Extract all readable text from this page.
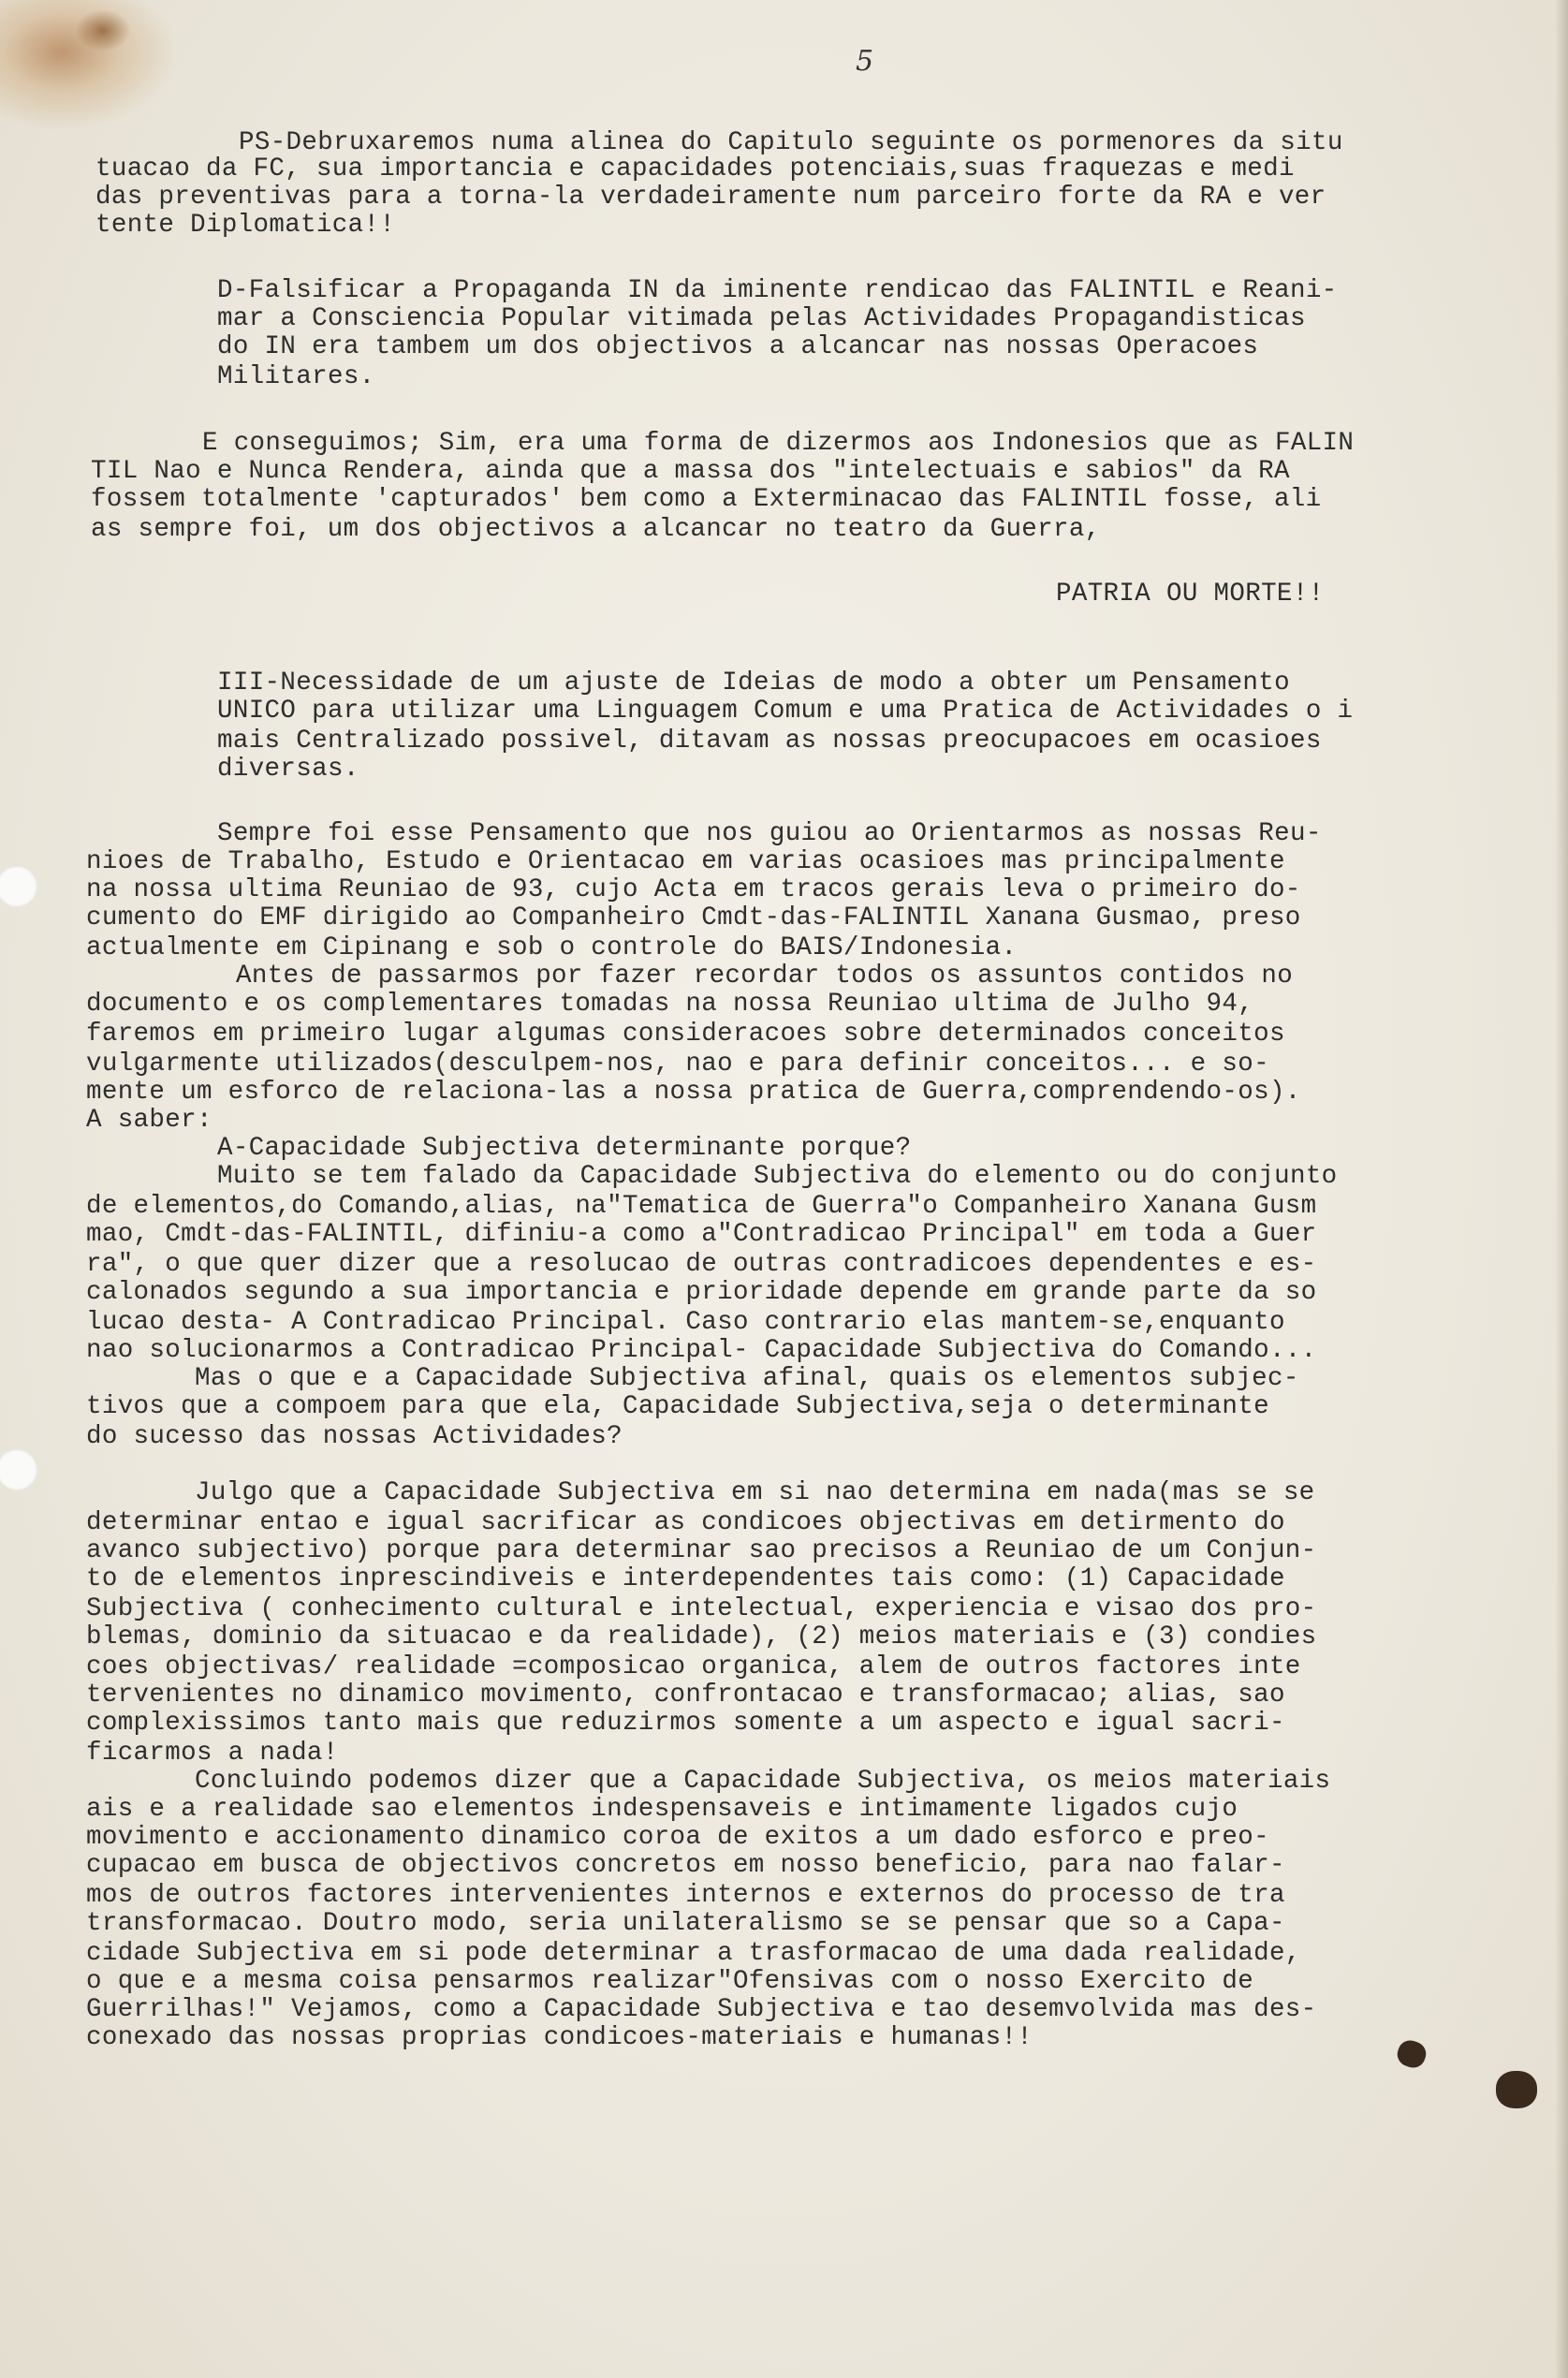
5
PS-Debruxaremos numa alinea do Capitulo seguinte os pormenores da situ
tuacao da FC, sua importancia e capacidades potenciais,suas fraquezas e medi
das preventivas para a torna-la verdadeiramente num parceiro forte da RA e ver
tente Diplomatica!!
D-Falsificar a Propaganda IN da iminente rendicao das FALINTIL e Reani-
mar a Consciencia Popular vitimada pelas Actividades Propagandisticas
do IN era tambem um dos objectivos a alcancar nas nossas Operacoes
Militares.
E conseguimos; Sim, era uma forma de dizermos aos Indonesios que as FALIN
TIL Nao e Nunca Rendera, ainda que a massa dos "intelectuais e sabios" da RA
fossem totalmente 'capturados' bem como a Exterminacao das FALINTIL fosse, ali
as sempre foi, um dos objectivos a alcancar no teatro da Guerra,
PATRIA OU MORTE!!
III-Necessidade de um ajuste de Ideias de modo a obter um Pensamento
UNICO para utilizar uma Linguagem Comum e uma Pratica de Actividades o i
mais Centralizado possivel, ditavam as nossas preocupacoes em ocasioes
diversas.
Sempre foi esse Pensamento que nos guiou ao Orientarmos as nossas Reu-
nioes de Trabalho, Estudo e Orientacao em varias ocasioes mas principalmente
na nossa ultima Reuniao de 93, cujo Acta em tracos gerais leva o primeiro do-
cumento do EMF dirigido ao Companheiro Cmdt-das-FALINTIL Xanana Gusmao, preso
actualmente em Cipinang e sob o controle do BAIS/Indonesia.
Antes de passarmos por fazer recordar todos os assuntos contidos no
documento e os complementares tomadas na nossa Reuniao ultima de Julho 94,
faremos em primeiro lugar algumas consideracoes sobre determinados conceitos
vulgarmente utilizados(desculpem-nos, nao e para definir conceitos... e so-
mente um esforco de relaciona-las a nossa pratica de Guerra,comprendendo-os).
A saber:
A-Capacidade Subjectiva determinante porque?
Muito se tem falado da Capacidade Subjectiva do elemento ou do conjunto
de elementos,do Comando,alias, na"Tematica de Guerra"o Companheiro Xanana Gusm
mao, Cmdt-das-FALINTIL, difiniu-a como a"Contradicao Principal" em toda a Guer
ra", o que quer dizer que a resolucao de outras contradicoes dependentes e es-
calonados segundo a sua importancia e prioridade depende em grande parte da so
lucao desta- A Contradicao Principal. Caso contrario elas mantem-se,enquanto
nao solucionarmos a Contradicao Principal- Capacidade Subjectiva do Comando...
Mas o que e a Capacidade Subjectiva afinal, quais os elementos subjec-
tivos que a compoem para que ela, Capacidade Subjectiva,seja o determinante
do sucesso das nossas Actividades?
Julgo que a Capacidade Subjectiva em si nao determina em nada(mas se se
determinar entao e igual sacrificar as condicoes objectivas em detirmento do
avanco subjectivo) porque para determinar sao precisos a Reuniao de um Conjun-
to de elementos inprescindiveis e interdependentes tais como: (1) Capacidade
Subjectiva ( conhecimento cultural e intelectual, experiencia e visao dos pro-
blemas, dominio da situacao e da realidade), (2) meios materiais e (3) condies
coes objectivas/ realidade =composicao organica, alem de outros factores inte
tervenientes no dinamico movimento, confrontacao e transformacao; alias, sao
complexissimos tanto mais que reduzirmos somente a um aspecto e igual sacri-
ficarmos a nada!
Concluindo podemos dizer que a Capacidade Subjectiva, os meios materiais
ais e a realidade sao elementos indespensaveis e intimamente ligados cujo
movimento e accionamento dinamico coroa de exitos a um dado esforco e preo-
cupacao em busca de objectivos concretos em nosso beneficio, para nao falar-
mos de outros factores intervenientes internos e externos do processo de tra
transformacao. Doutro modo, seria unilateralismo se se pensar que so a Capa-
cidade Subjectiva em si pode determinar a trasformacao de uma dada realidade,
o que e a mesma coisa pensarmos realizar"Ofensivas com o nosso Exercito de
Guerrilhas!" Vejamos, como a Capacidade Subjectiva e tao desemvolvida mas des-
conexado das nossas proprias condicoes-materiais e humanas!!
